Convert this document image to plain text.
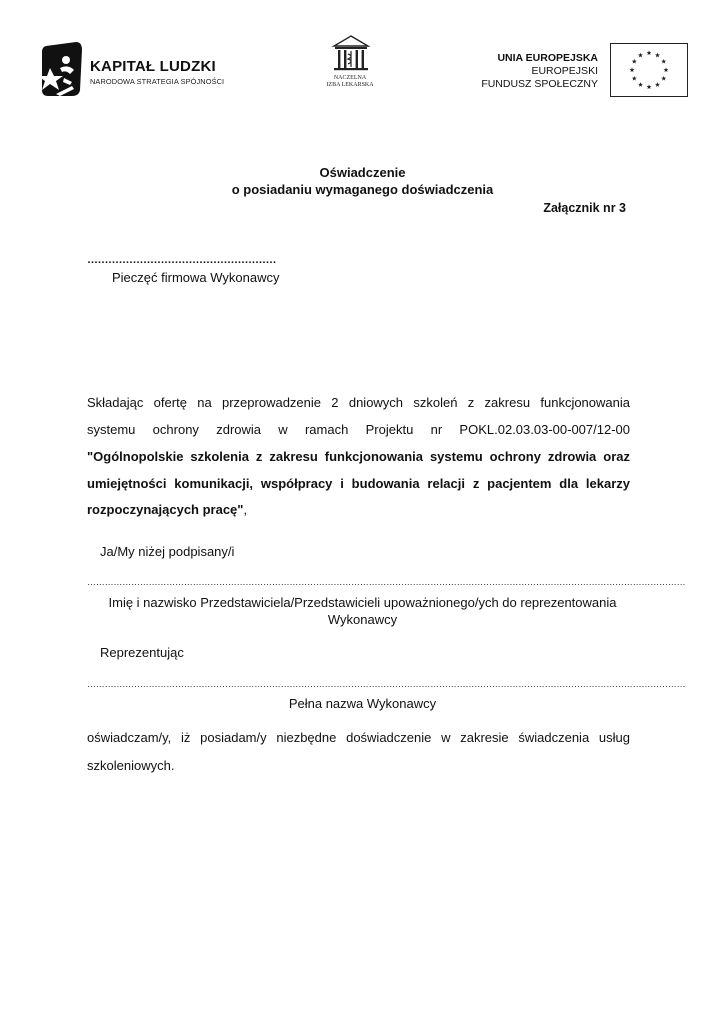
KAPITAŁ LUDZKI
NARODOWA STRATEGIA SPÓJNOŚCI	NACZELNA
IZBA LEKARSKA
UNIA EUROPEJSKA
EUROPEJSKI
FUNDUSZ SPOŁECZNY
Oświadczenie
o posiadaniu wymaganego doświadczenia
Załącznik nr 3
………………………………………………
Pieczęć firmowa Wykonawcy
Składając ofertę na przeprowadzenie 2 dniowych szkoleń z zakresu funkcjonowania
systemu ochrony zdrowia w ramach Projektu nr POKL.02.03.03-00-007/12-00
"Ogólnopolskie szkolenia z zakresu funkcjonowania systemu ochrony zdrowia oraz
umiejętności komunikacji, współpracy i budowania relacji z pacjentem dla lekarzy
rozpoczynających pracę",
Ja/My niżej podpisany/i
……………………………………………………………………………………………………………………………………………………………………………………
Imię i nazwisko Przedstawiciela/Przedstawicieli upoważnionego/ych do reprezentowania
Wykonawcy
Reprezentując
……………………………………………………………………………………………………………………………………………………………………………………
Pełna nazwa Wykonawcy
oświadczam/y, iż posiadam/y niezbędne doświadczenie w zakresie świadczenia usług
szkoleniowych.
